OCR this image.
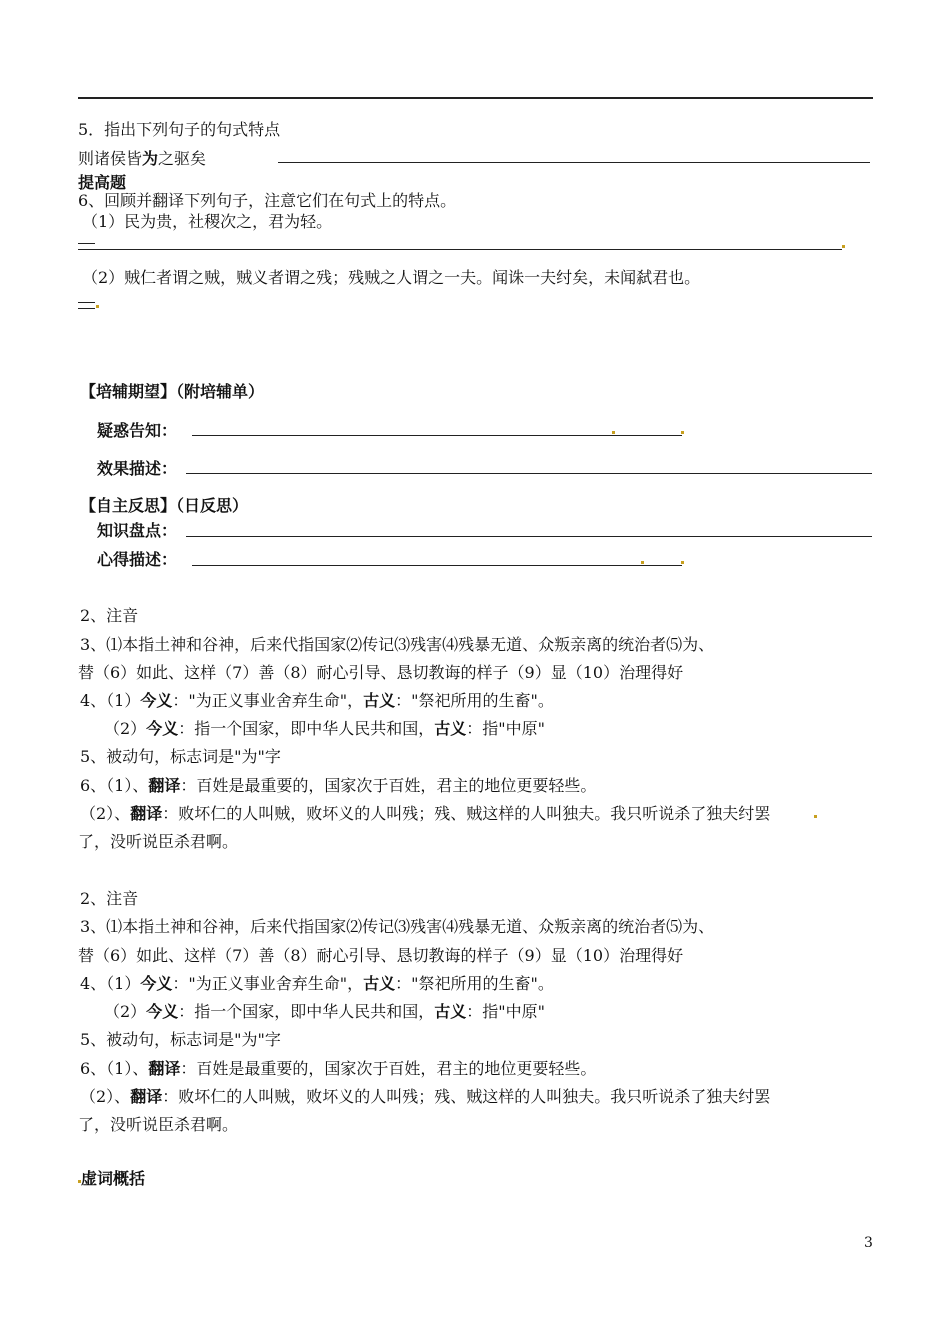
5．指出下列句子的句式特点
则诸侯皆为之驱矣
提高题
6、回顾并翻译下列句子，注意它们在句式上的特点。
（1）民为贵，社稷次之，君为轻。
（2）贼仁者谓之贼，贼义者谓之残；残贼之人谓之一夫。闻诛一夫纣矣，未闻弑君也。
【培辅期望】（附培辅单）
疑惑告知：
效果描述：
【自主反思】（日反思）
知识盘点：
心得描述：
2、注音
3、⑴本指土神和谷神，后来代指国家⑵传记⑶残害⑷残暴无道、众叛亲离的统治者⑸为、
替（6）如此、这样（7）善（8）耐心引导、恳切教诲的样子（9）显（10）治理得好
4、（1）今义："为正义事业舍弃生命"，古义："祭祀所用的生畜"。
（2）今义：指一个国家，即中华人民共和国，古义：指"中原"
5、被动句，标志词是"为"字
6、（1）、翻译：百姓是最重要的，国家次于百姓，君主的地位更要轻些。
（2）、翻译：败坏仁的人叫贼，败坏义的人叫残；残、贼这样的人叫独夫。我只听说杀了独夫纣罢
了，没听说臣杀君啊。
2、注音
3、⑴本指土神和谷神，后来代指国家⑵传记⑶残害⑷残暴无道、众叛亲离的统治者⑸为、
替（6）如此、这样（7）善（8）耐心引导、恳切教诲的样子（9）显（10）治理得好
4、（1）今义："为正义事业舍弃生命"，古义："祭祀所用的生畜"。
（2）今义：指一个国家，即中华人民共和国，古义：指"中原"
5、被动句，标志词是"为"字
6、（1）、翻译：百姓是最重要的，国家次于百姓，君主的地位更要轻些。
（2）、翻译：败坏仁的人叫贼，败坏义的人叫残；残、贼这样的人叫独夫。我只听说杀了独夫纣罢
了，没听说臣杀君啊。
虚词概括
3
